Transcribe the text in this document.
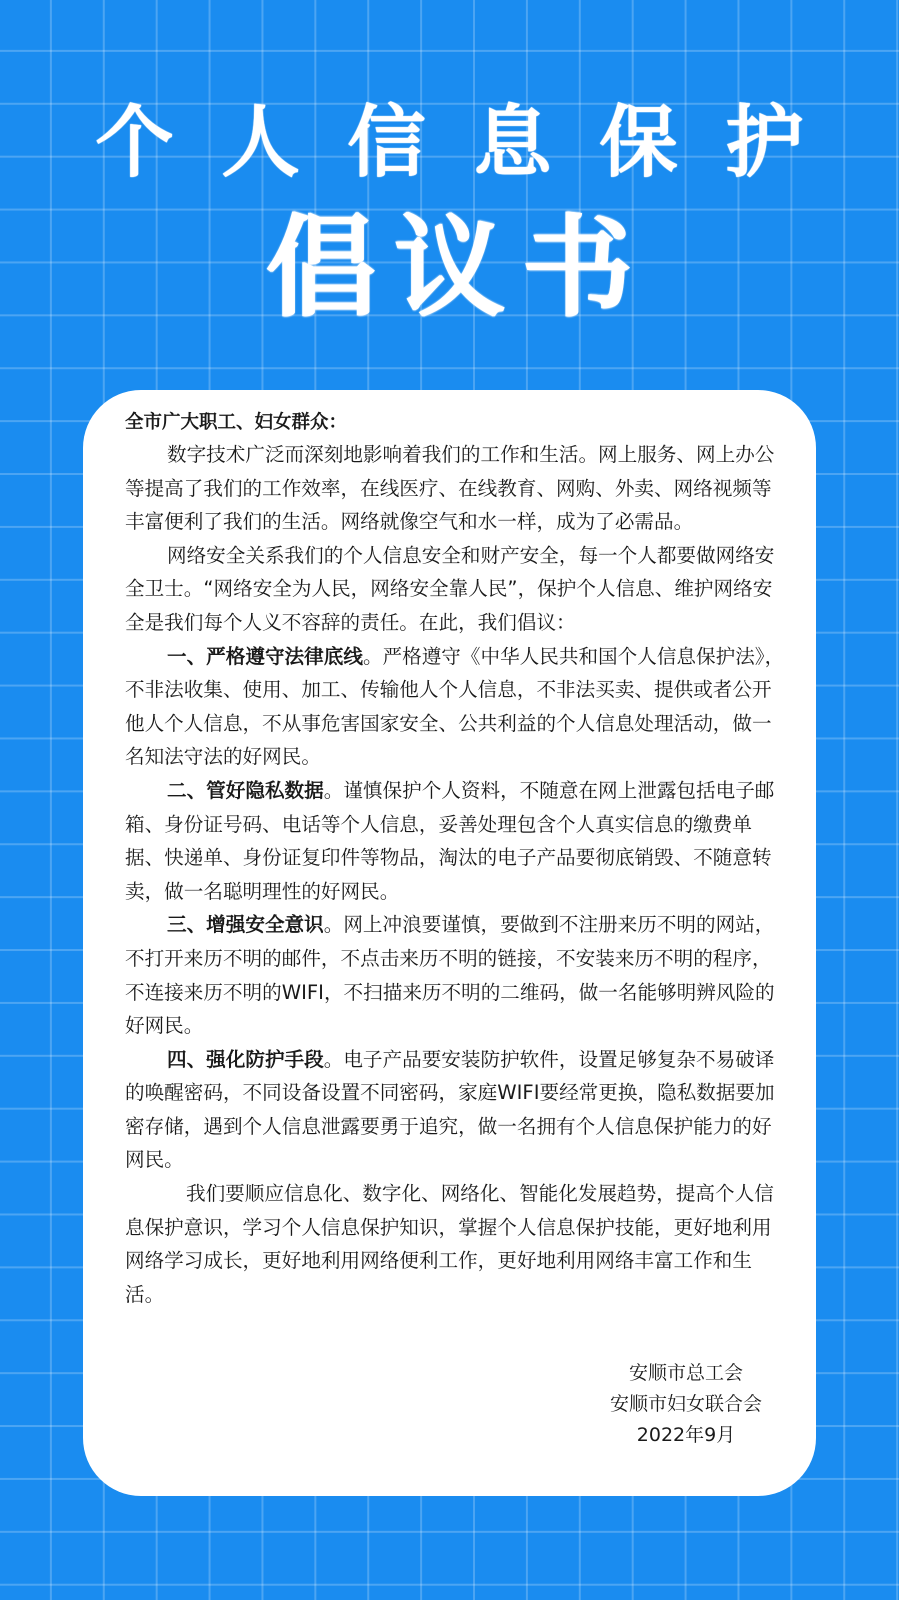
个人信息保护
倡议书

全市广大职工、妇女群众：

数字技术广泛而深刻地影响着我们的工作和生活。网上服务、网上办公等提高了我们的工作效率，在线医疗、在线教育、网购、外卖、网络视频等丰富便利了我们的生活。网络就像空气和水一样，成为了必需品。

网络安全关系我们的个人信息安全和财产安全，每一个人都要做网络安全卫士。“网络安全为人民，网络安全靠人民”，保护个人信息、维护网络安全是我们每个人义不容辞的责任。在此，我们倡议：

一、严格遵守法律底线。严格遵守《中华人民共和国个人信息保护法》，不非法收集、使用、加工、传输他人个人信息，不非法买卖、提供或者公开他人个人信息，不从事危害国家安全、公共利益的个人信息处理活动，做一名知法守法的好网民。

二、管好隐私数据。谨慎保护个人资料，不随意在网上泄露包括电子邮箱、身份证号码、电话等个人信息，妥善处理包含个人真实信息的缴费单据、快递单、身份证复印件等物品，淘汰的电子产品要彻底销毁、不随意转卖，做一名聪明理性的好网民。

三、增强安全意识。网上冲浪要谨慎，要做到不注册来历不明的网站，不打开来历不明的邮件，不点击来历不明的链接，不安装来历不明的程序，不连接来历不明的WIFI，不扫描来历不明的二维码，做一名能够明辨风险的好网民。

四、强化防护手段。电子产品要安装防护软件，设置足够复杂不易破译的唤醒密码，不同设备设置不同密码，家庭WIFI要经常更换，隐私数据要加密存储，遇到个人信息泄露要勇于追究，做一名拥有个人信息保护能力的好网民。

我们要顺应信息化、数字化、网络化、智能化发展趋势，提高个人信息保护意识，学习个人信息保护知识，掌握个人信息保护技能，更好地利用网络学习成长，更好地利用网络便利工作，更好地利用网络丰富工作和生活。

安顺市总工会
安顺市妇女联合会
2022年9月
